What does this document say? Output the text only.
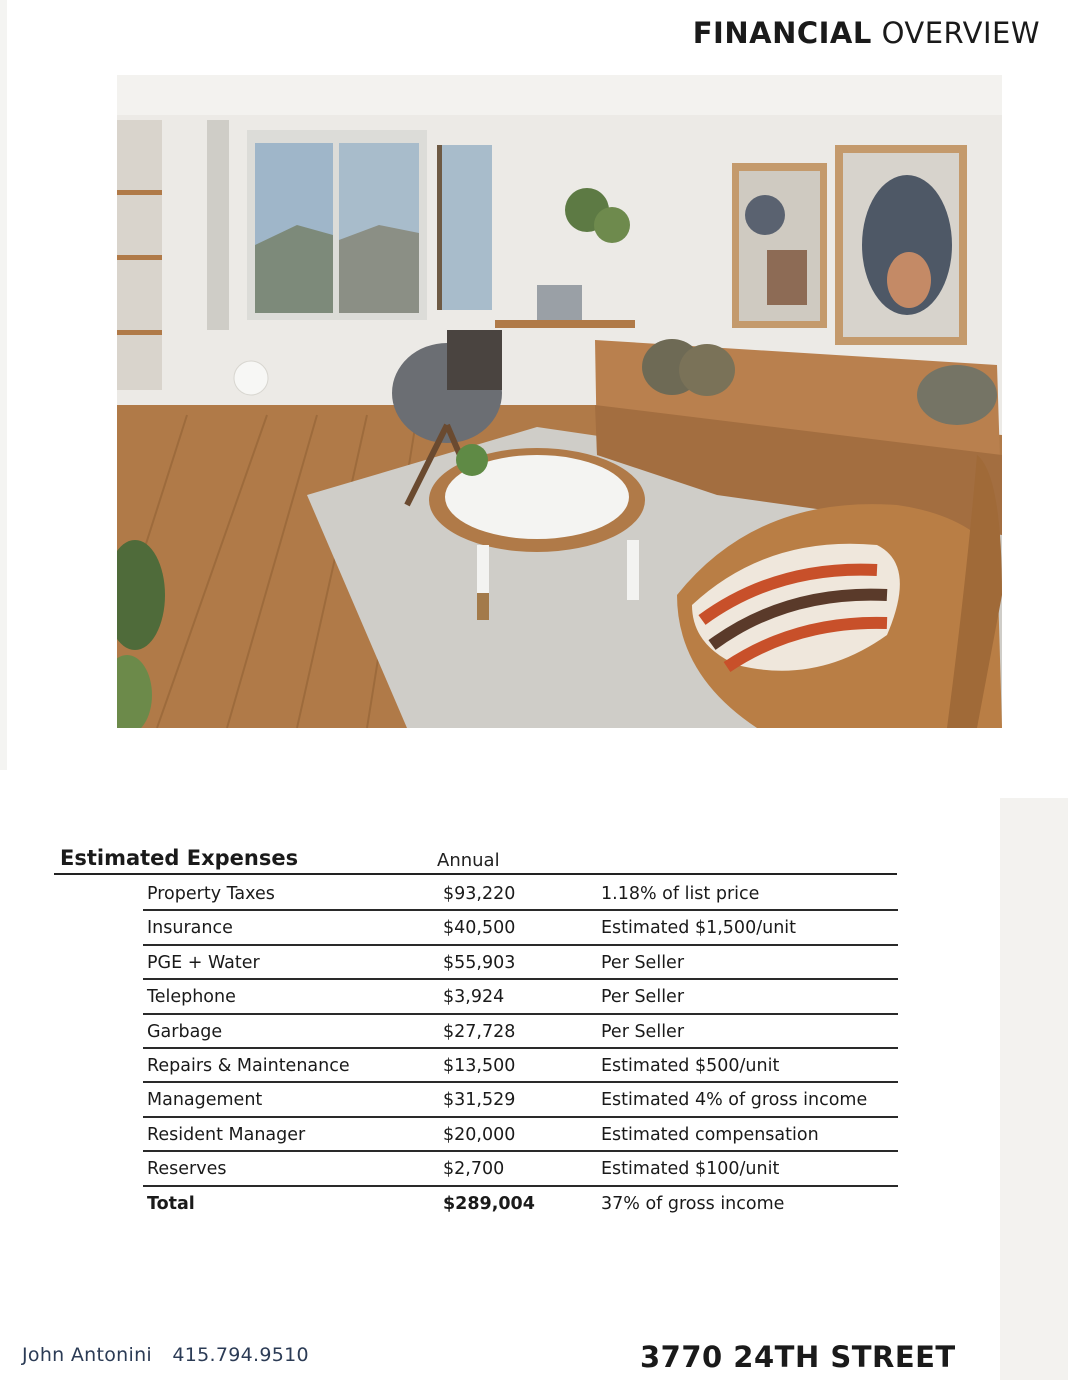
FINANCIAL OVERVIEW
Estimated Expenses	Annual
Property Taxes	$93,220	1.18% of list price
Insurance	$40,500	Estimated $1,500/unit
PGE + Water	$55,903	Per Seller
Telephone	$3,924	Per Seller
Garbage	$27,728	Per Seller
Repairs & Maintenance	$13,500	Estimated $500/unit
Management	$31,529	Estimated 4% of gross income
Resident Manager	$20,000	Estimated compensation
Reserves	$2,700	Estimated $100/unit
Total	$289,004	37% of gross income
John Antonini 415.794.9510	3770 24TH STREET
